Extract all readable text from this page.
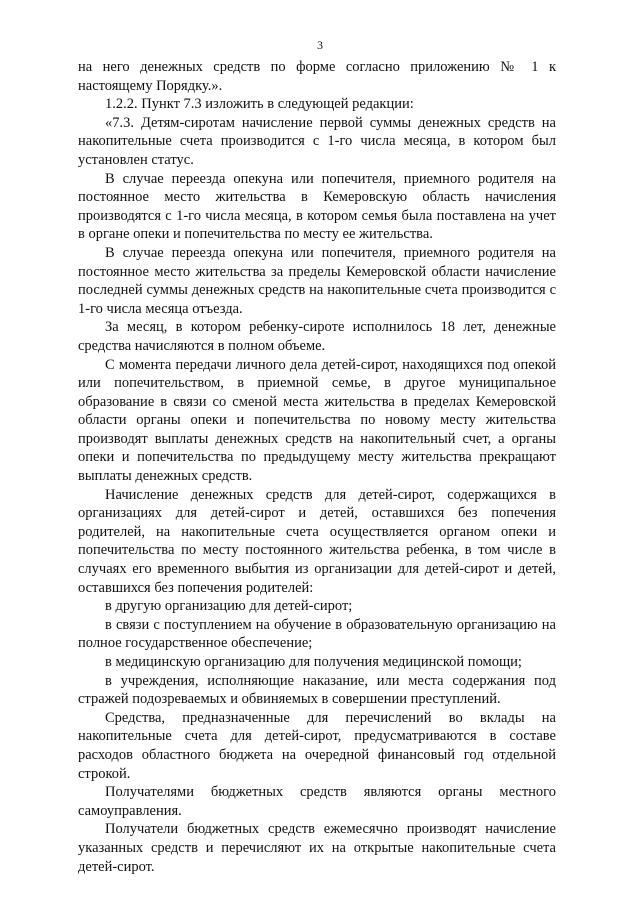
3

на него денежных средств по форме согласно приложению № 1 к настоящему Порядку.».

1.2.2. Пункт 7.3 изложить в следующей редакции:

«7.3. Детям-сиротам начисление первой суммы денежных средств на накопительные счета производится с 1-го числа месяца, в котором был установлен статус.

В случае переезда опекуна или попечителя, приемного родителя на постоянное место жительства в Кемеровскую область начисления производятся с 1-го числа месяца, в котором семья была поставлена на учет в органе опеки и попечительства по месту ее жительства.

В случае переезда опекуна или попечителя, приемного родителя на постоянное место жительства за пределы Кемеровской области начисление последней суммы денежных средств на накопительные счета производится с 1-го числа месяца отъезда.

За месяц, в котором ребенку-сироте исполнилось 18 лет, денежные средства начисляются в полном объеме.

С момента передачи личного дела детей-сирот, находящихся под опекой или попечительством, в приемной семье, в другое муниципальное образование в связи со сменой места жительства в пределах Кемеровской области органы опеки и попечительства по новому месту жительства производят выплаты денежных средств на накопительный счет, а органы опеки и попечительства по предыдущему месту жительства прекращают выплаты денежных средств.

Начисление денежных средств для детей-сирот, содержащихся в организациях для детей-сирот и детей, оставшихся без попечения родителей, на накопительные счета осуществляется органом опеки и попечительства по месту постоянного жительства ребенка, в том числе в случаях его временного выбытия из организации для детей-сирот и детей, оставшихся без попечения родителей:

в другую организацию для детей-сирот;

в связи с поступлением на обучение в образовательную организацию на полное государственное обеспечение;

в медицинскую организацию для получения медицинской помощи;

в учреждения, исполняющие наказание, или места содержания под стражей подозреваемых и обвиняемых в совершении преступлений.

Средства, предназначенные для перечислений во вклады на накопительные счета для детей-сирот, предусматриваются в составе расходов областного бюджета на очередной финансовый год отдельной строкой.

Получателями бюджетных средств являются органы местного самоуправления.

Получатели бюджетных средств ежемесячно производят начисление указанных средств и перечисляют их на открытые накопительные счета детей-сирот.
